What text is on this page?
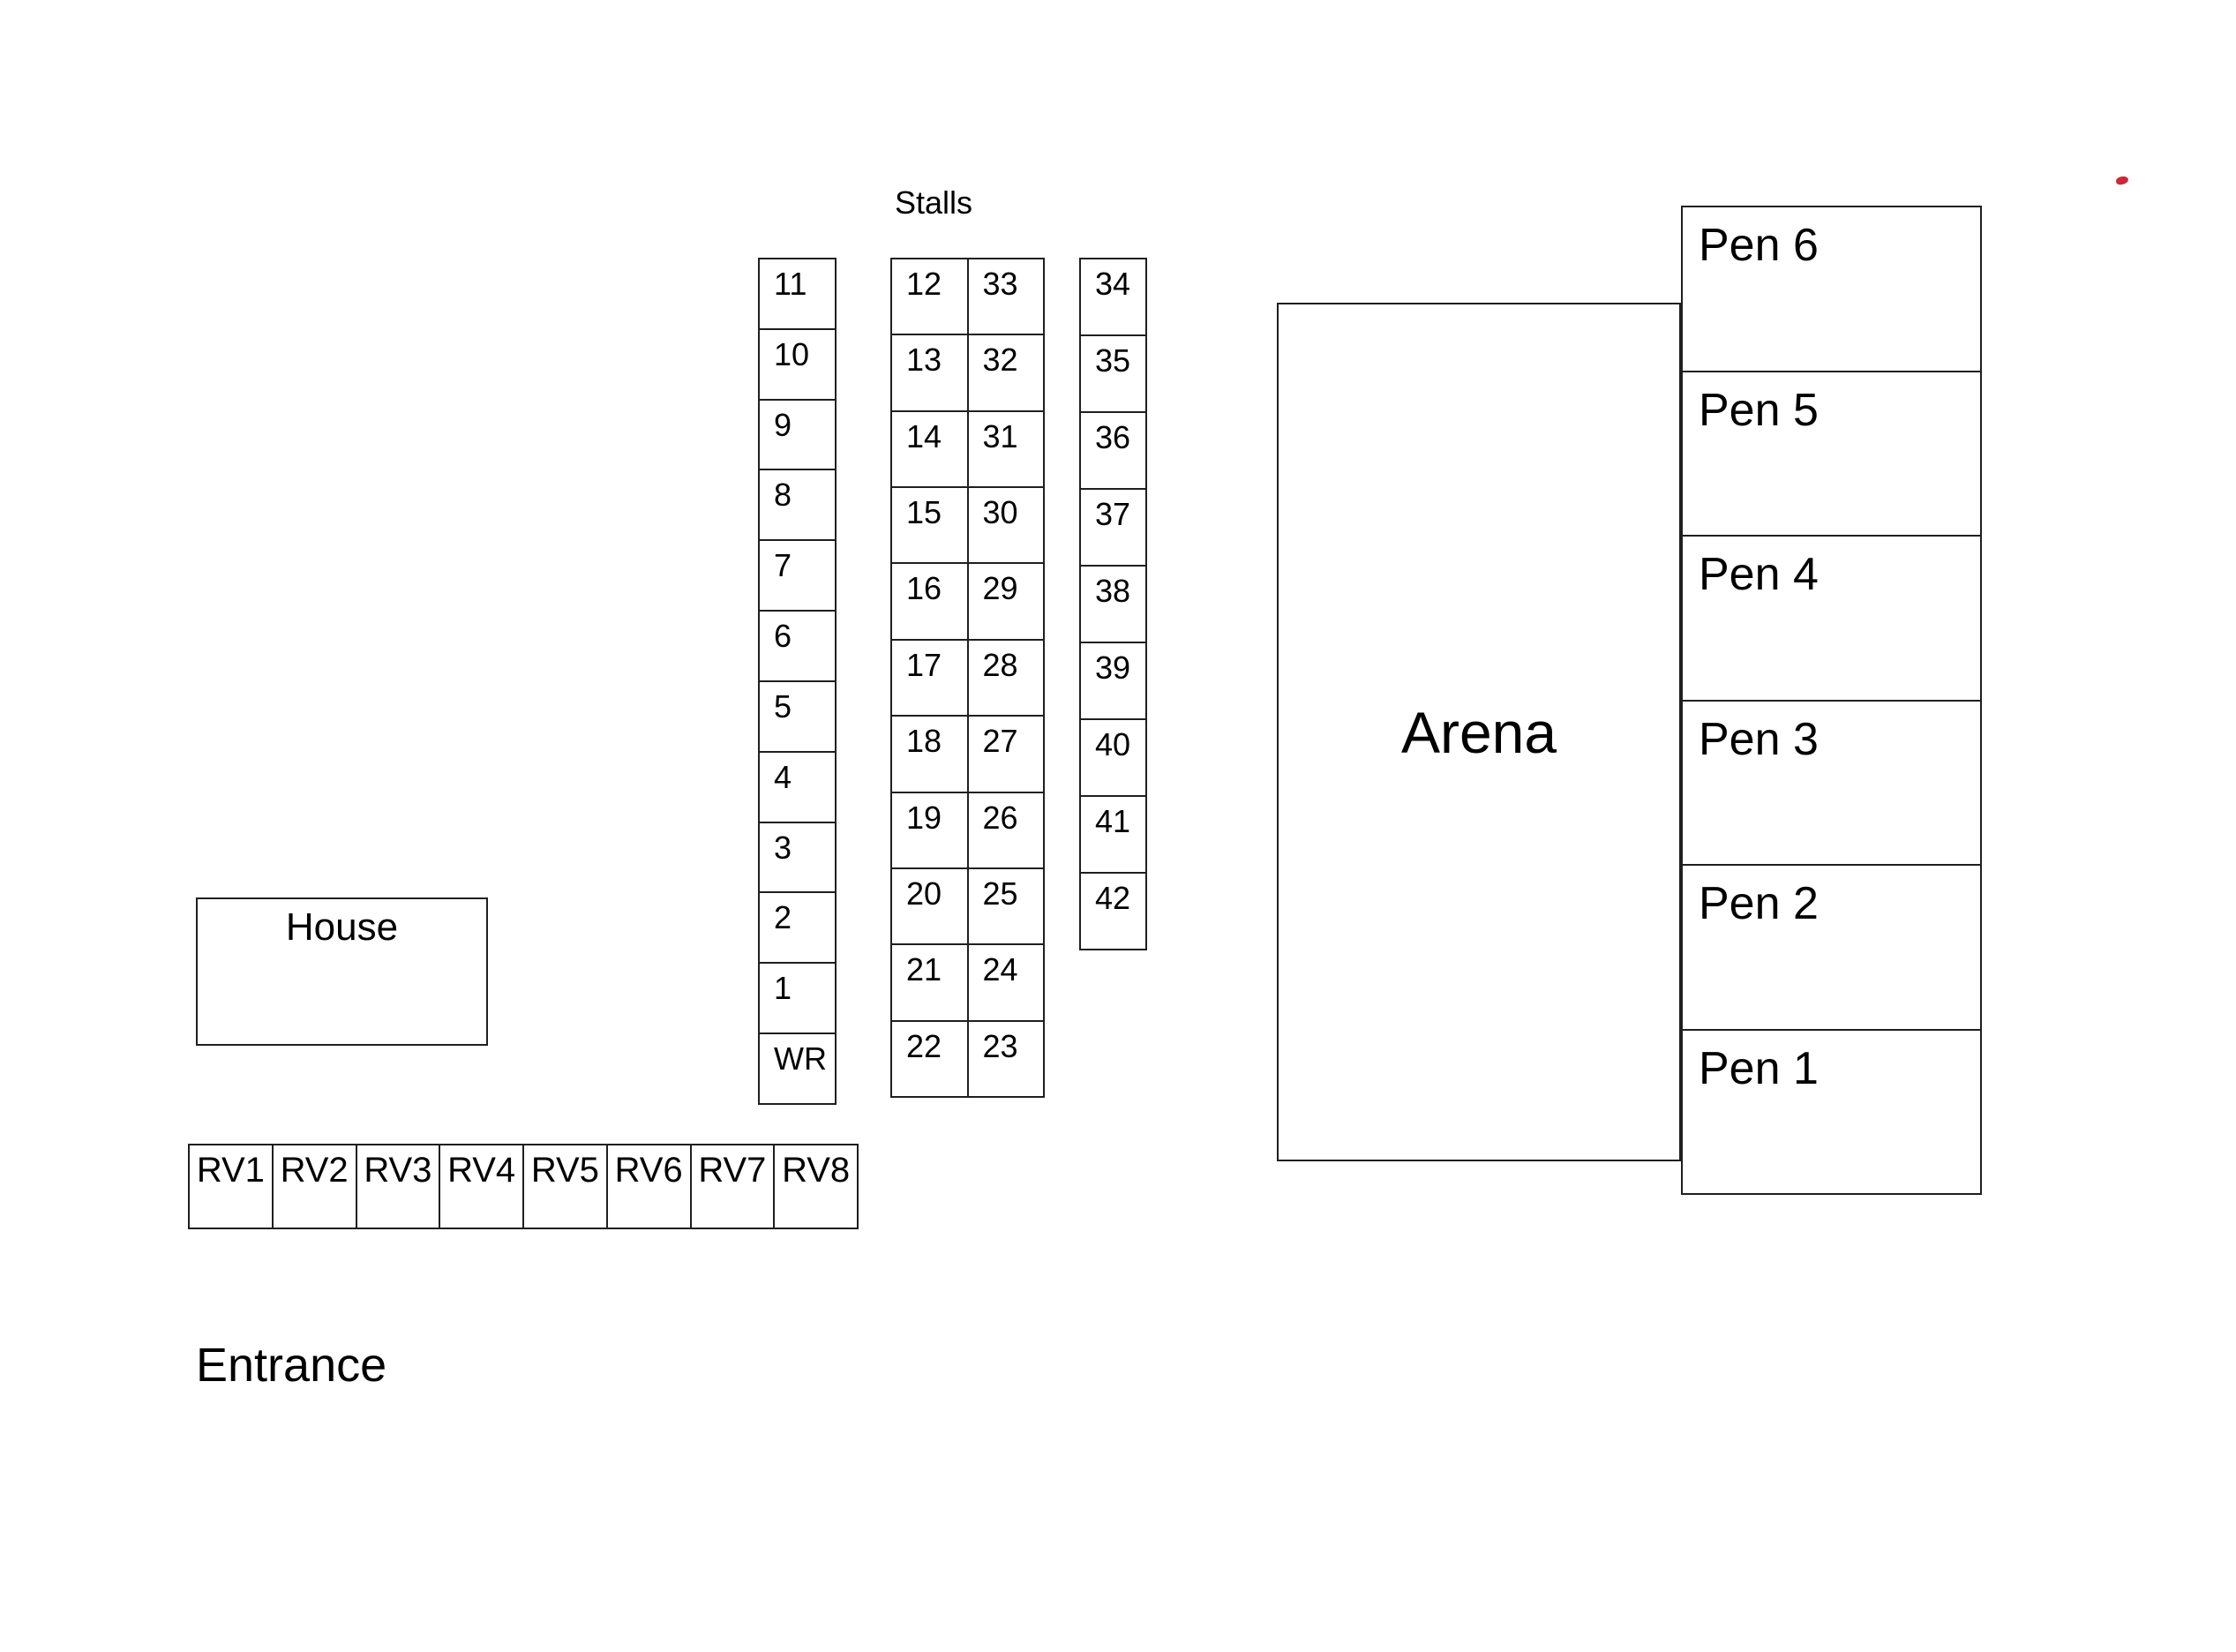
Stalls
11
10
9
8
7
6
5
4
3
2
1
WR
12
13
14
15
16
17
18
19
20
21
22
33
32
31
30
29
28
27
26
25
24
23
34
35
36
37
38
39
40
41
42
Arena
Pen 6
Pen 5
Pen 4
Pen 3
Pen 2
Pen 1
House
RV1 RV2 RV3 RV4 RV5 RV6 RV7 RV8
Entrance
